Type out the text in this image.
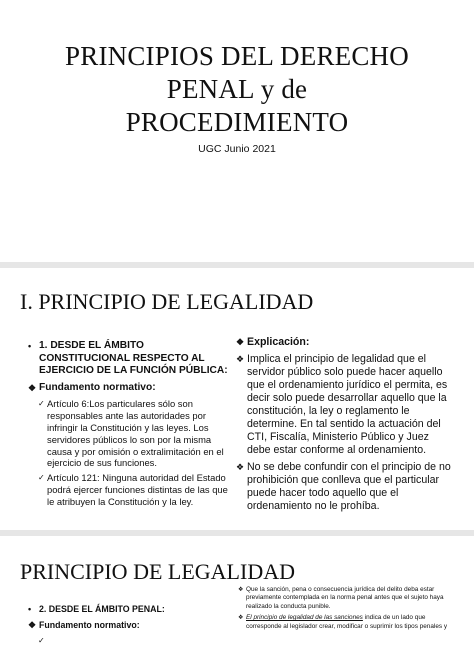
PRINCIPIOS DEL DERECHO
PENAL y de
PROCEDIMIENTO
UGC Junio 2021
I. PRINCIPIO DE LEGALIDAD
• 1. DESDE EL ÁMBITO CONSTITUCIONAL RESPECTO AL EJERCICIO DE LA FUNCIÓN PÚBLICA:
❖ Fundamento normativo:
✓ Artículo 6:Los particulares sólo son responsables ante las autoridades por infringir la Constitución y las leyes. Los servidores públicos lo son por la misma causa y por omisión o extralimitación en el ejercicio de sus funciones.
✓ Artículo 121: Ninguna autoridad del Estado podrá ejercer funciones distintas de las que le atribuyen la Constitución y la ley.
❖ Explicación:
❖ Implica el principio de legalidad que el servidor público solo puede hacer aquello que el ordenamiento jurídico el permita, es decir solo puede desarrollar aquello que la constitución, la ley o reglamento le determine. En tal sentido la actuación del CTI, Fiscalía, Ministerio Público y Juez debe estar conforme al ordenamiento.
❖ No se debe confundir con el principio de no prohibición que conlleva que el particular puede hacer todo aquello que el ordenamiento no le prohíba.
PRINCIPIO DE LEGALIDAD
• 2. DESDE EL ÁMBITO PENAL:
❖ Fundamento normativo:
✓
❖ Que la sanción, pena o consecuencia jurídica del delito deba estar previamente contemplada en la norma penal antes que el sujeto haya realizado la conducta punible.
❖ El principio de legalidad de las sanciones indica de un lado que corresponde al legislador crear, modificar o suprimir los tipos penales y
